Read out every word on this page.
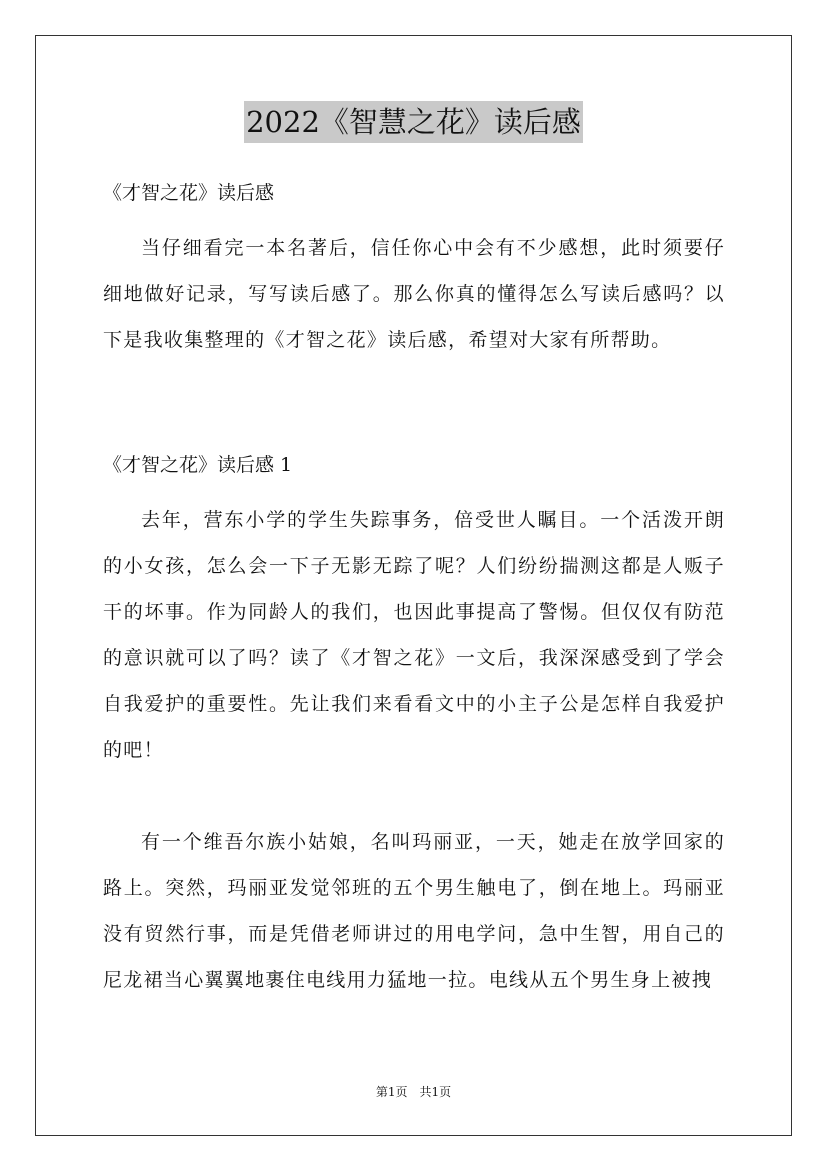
2022《智慧之花》读后感
《才智之花》读后感

当仔细看完一本名著后，信任你心中会有不少感想，此时须要仔细地做好记录，写写读后感了。那么你真的懂得怎么写读后感吗？以下是我收集整理的《才智之花》读后感，希望对大家有所帮助。

《才智之花》读后感 1

去年，营东小学的学生失踪事务，倍受世人瞩目。一个活泼开朗的小女孩，怎么会一下子无影无踪了呢？人们纷纷揣测这都是人贩子干的坏事。作为同龄人的我们，也因此事提高了警惕。但仅仅有防范的意识就可以了吗？读了《才智之花》一文后，我深深感受到了学会自我爱护的重要性。先让我们来看看文中的小主子公是怎样自我爱护的吧！

有一个维吾尔族小姑娘，名叫玛丽亚，一天，她走在放学回家的路上。突然，玛丽亚发觉邻班的五个男生触电了，倒在地上。玛丽亚没有贸然行事，而是凭借老师讲过的用电学问，急中生智，用自己的尼龙裙当心翼翼地裹住电线用力猛地一拉。电线从五个男生身上被拽

第1页　共1页
